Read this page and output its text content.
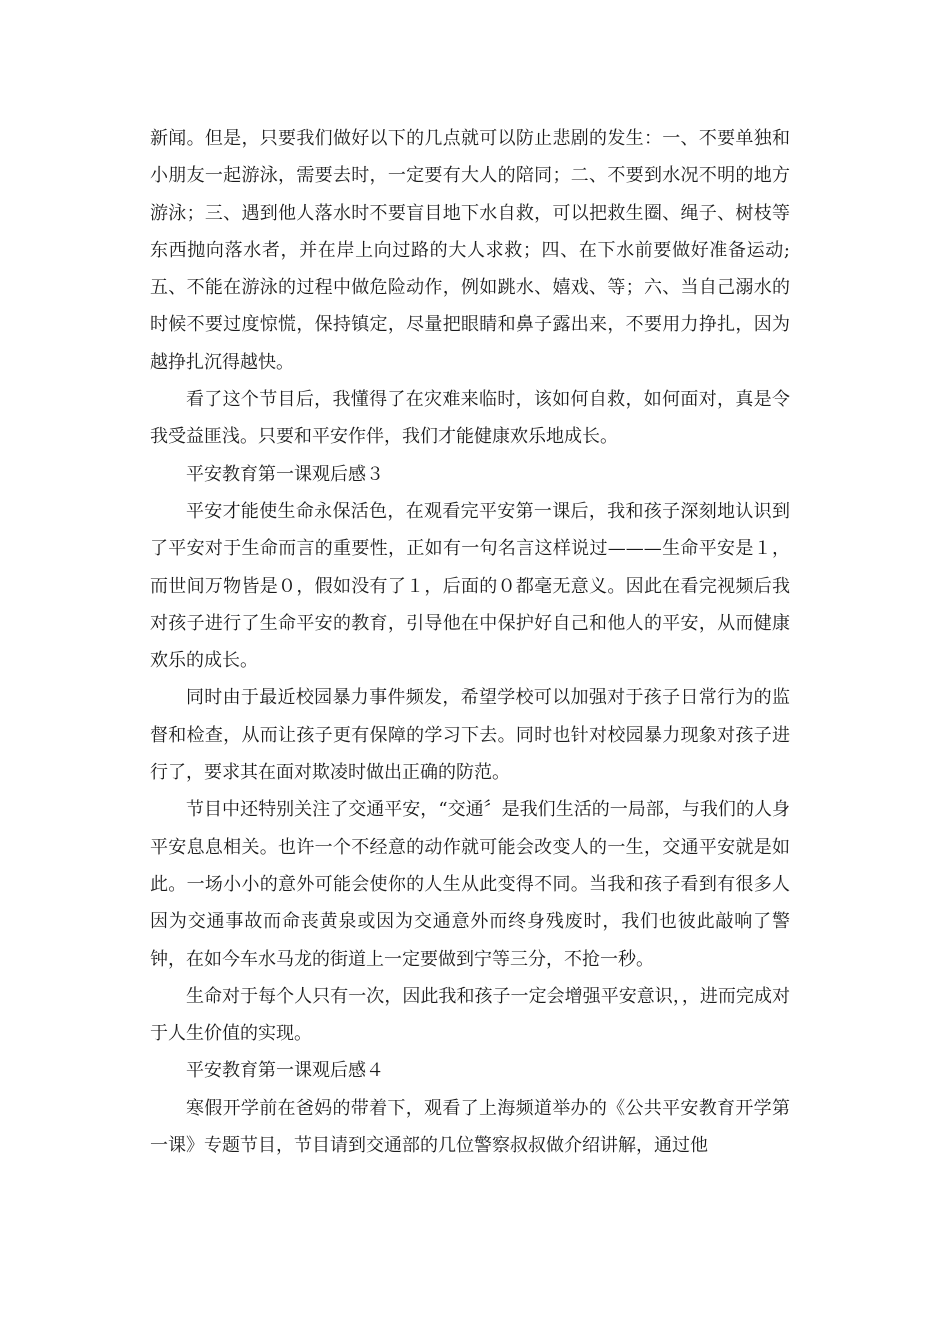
新闻。但是，只要我们做好以下的几点就可以防止悲剧的发生：一、不要单独和小朋友一起游泳，需要去时，一定要有大人的陪同；二、不要到水况不明的地方游泳；三、遇到他人落水时不要盲目地下水自救，可以把救生圈、绳子、树枝等东西抛向落水者，并在岸上向过路的大人求救；四、在下水前要做好准备运动;五、不能在游泳的过程中做危险动作，例如跳水、嬉戏、等；六、当自己溺水的时候不要过度惊慌，保持镇定，尽量把眼睛和鼻子露出来，不要用力挣扎，因为越挣扎沉得越快。

看了这个节目后，我懂得了在灾难来临时，该如何自救，如何面对，真是令我受益匪浅。只要和平安作伴，我们才能健康欢乐地成长。

平安教育第一课观后感３

平安才能使生命永保活色，在观看完平安第一课后，我和孩子深刻地认识到了平安对于生命而言的重要性，正如有一句名言这样说过———生命平安是１，而世间万物皆是０，假如没有了１，后面的０都毫无意义。因此在看完视频后我对孩子进行了生命平安的教育，引导他在中保护好自己和他人的平安，从而健康欢乐的成长。

同时由于最近校园暴力事件频发，希望学校可以加强对于孩子日常行为的监督和检查，从而让孩子更有保障的学习下去。同时也针对校园暴力现象对孩子进行了，要求其在面对欺凌时做出正确的防范。

节目中还特别关注了交通平安，“交通〞是我们生活的一局部，与我们的人身平安息息相关。也许一个不经意的动作就可能会改变人的一生，交通平安就是如此。一场小小的意外可能会使你的人生从此变得不同。当我和孩子看到有很多人因为交通事故而命丧黄泉或因为交通意外而终身残废时，我们也彼此敲响了警钟，在如今车水马龙的街道上一定要做到宁等三分，不抢一秒。

生命对于每个人只有一次，因此我和孩子一定会增强平安意识，，进而完成对于人生价值的实现。

平安教育第一课观后感４

寒假开学前在爸妈的带着下，观看了上海频道举办的《公共平安教育开学第一课》专题节目，节目请到交通部的几位警察叔叔做介绍讲解，通过他
